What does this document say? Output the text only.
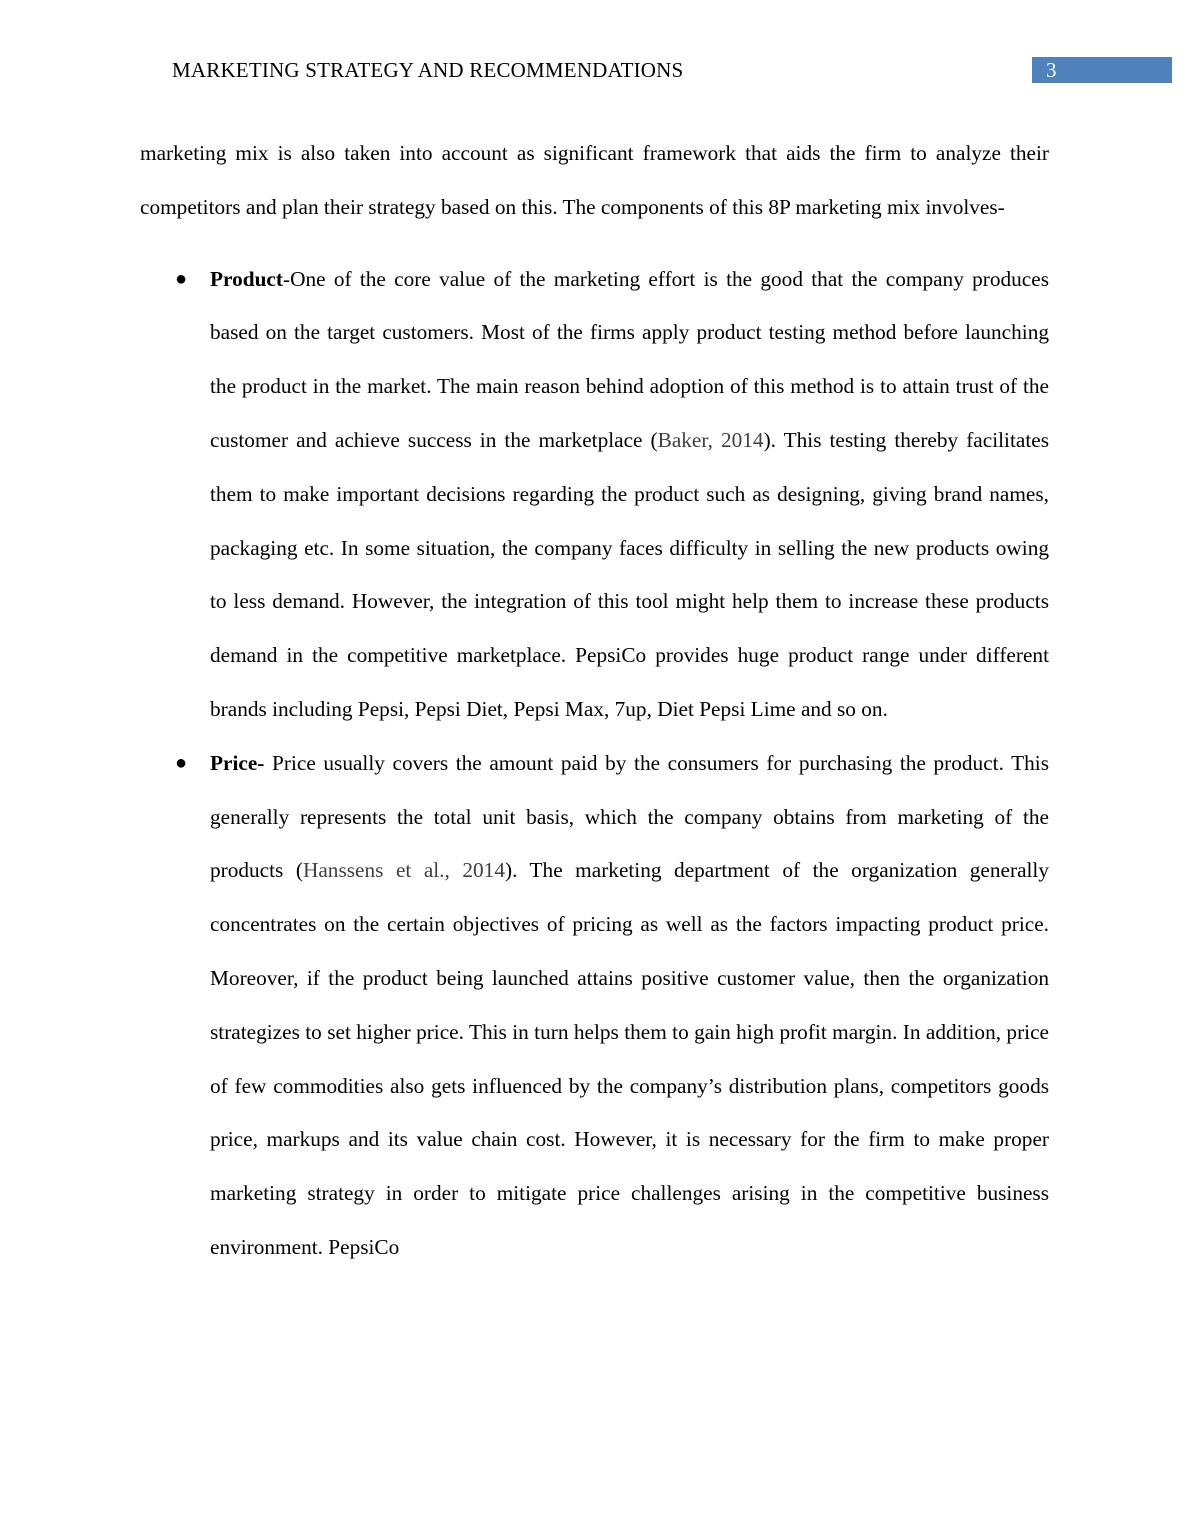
MARKETING STRATEGY AND RECOMMENDATIONS	3

marketing mix is also taken into account as significant framework that aids the firm to analyze their competitors and plan their strategy based on this. The components of this 8P marketing mix involves-

● Product-One of the core value of the marketing effort is the good that the company produces based on the target customers. Most of the firms apply product testing method before launching the product in the market. The main reason behind adoption of this method is to attain trust of the customer and achieve success in the marketplace (Baker, 2014). This testing thereby facilitates them to make important decisions regarding the product such as designing, giving brand names, packaging etc. In some situation, the company faces difficulty in selling the new products owing to less demand. However, the integration of this tool might help them to increase these products demand in the competitive marketplace. PepsiCo provides huge product range under different brands including Pepsi, Pepsi Diet, Pepsi Max, 7up, Diet Pepsi Lime and so on.
● Price- Price usually covers the amount paid by the consumers for purchasing the product. This generally represents the total unit basis, which the company obtains from marketing of the products (Hanssens et al., 2014). The marketing department of the organization generally concentrates on the certain objectives of pricing as well as the factors impacting product price. Moreover, if the product being launched attains positive customer value, then the organization strategizes to set higher price. This in turn helps them to gain high profit margin. In addition, price of few commodities also gets influenced by the company’s distribution plans, competitors goods price, markups and its value chain cost. However, it is necessary for the firm to make proper marketing strategy in order to mitigate price challenges arising in the competitive business environment. PepsiCo
